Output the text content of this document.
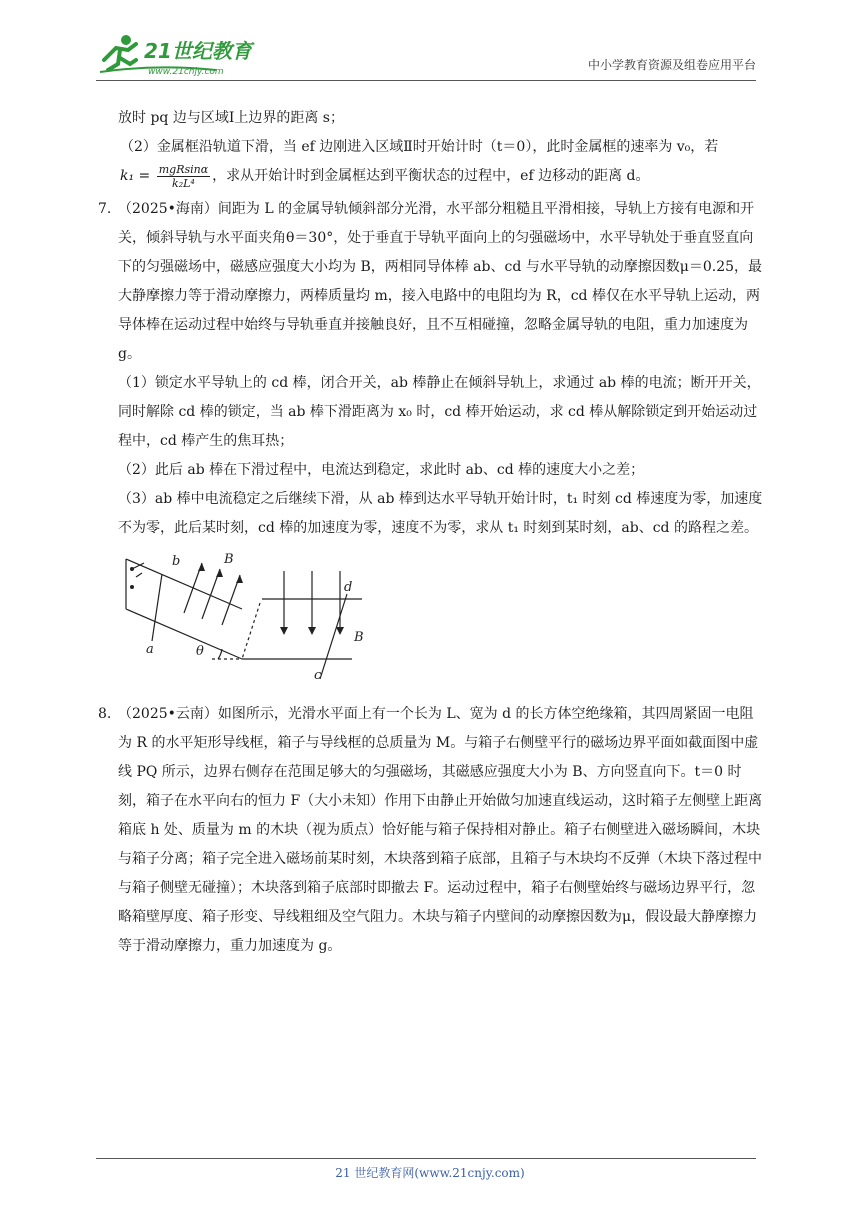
21世纪教育
www.21cnjy.com	中小学教育资源及组卷应用平台

放时 pq 边与区域Ⅰ上边界的距离 s；

（2）金属框沿轨道下滑，当 ef 边刚进入区域Ⅱ时开始计时（t＝0），此时金属框的速率为 v₀，若
$k_1 = \frac{\text{mgRsinα}}{\text{k₂L⁴}}$ ，求从开始计时到金属框达到平衡状态的过程中，ef 边移动的距离 d。

7. （2025•海南）间距为 L 的金属导轨倾斜部分光滑，水平部分粗糙且平滑相接，导轨上方接有电源和开关，倾斜导轨与水平面夹角θ＝30°，处于垂直于导轨平面向上的匀强磁场中，水平导轨处于垂直竖直向下的匀强磁场中，磁感应强度大小均为 B，两相同导体棒 ab、cd 与水平导轨的动摩擦因数μ＝0.25，最大静摩擦力等于滑动摩擦力，两棒质量均 m，接入电路中的电阻均为 R，cd 棒仅在水平导轨上运动，两导体棒在运动过程中始终与导轨垂直并接触良好，且不互相碰撞，忽略金属导轨的电阻，重力加速度为 g。

（1）锁定水平导轨上的 cd 棒，闭合开关，ab 棒静止在倾斜导轨上，求通过 ab 棒的电流；断开开关，同时解除 cd 棒的锁定，当 ab 棒下滑距离为 x₀ 时，cd 棒开始运动，求 cd 棒从解除锁定到开始运动过程中，cd 棒产生的焦耳热；

（2）此后 ab 棒在下滑过程中，电流达到稳定，求此时 ab、cd 棒的速度大小之差；

（3）ab 棒中电流稳定之后继续下滑，从 ab 棒到达水平导轨开始计时，t₁ 时刻 cd 棒速度为零，加速度不为零，此后某时刻，cd 棒的加速度为零，速度不为零，求从 t₁ 时刻到某时刻，ab、cd 的路程之差。

b	B
a	θ
d
B
c
8. （2025•云南）如图所示，光滑水平面上有一个长为 L、宽为 d 的长方体空绝缘箱，其四周紧固一电阻为 R 的水平矩形导线框，箱子与导线框的总质量为 M。与箱子右侧壁平行的磁场边界平面如截面图中虚线 PQ 所示，边界右侧存在范围足够大的匀强磁场，其磁感应强度大小为 B、方向竖直向下。t＝0 时刻，箱子在水平向右的恒力 F（大小未知）作用下由静止开始做匀加速直线运动，这时箱子左侧壁上距离箱底 h 处、质量为 m 的木块（视为质点）恰好能与箱子保持相对静止。箱子右侧壁进入磁场瞬间，木块与箱子分离；箱子完全进入磁场前某时刻，木块落到箱子底部，且箱子与木块均不反弹（木块下落过程中与箱子侧壁无碰撞）；木块落到箱子底部时即撤去 F。运动过程中，箱子右侧壁始终与磁场边界平行，忽略箱壁厚度、箱子形变、导线粗细及空气阻力。木块与箱子内壁间的动摩擦因数为μ，假设最大静摩擦力等于滑动摩擦力，重力加速度为 g。

21 世纪教育网(www.21cnjy.com)
